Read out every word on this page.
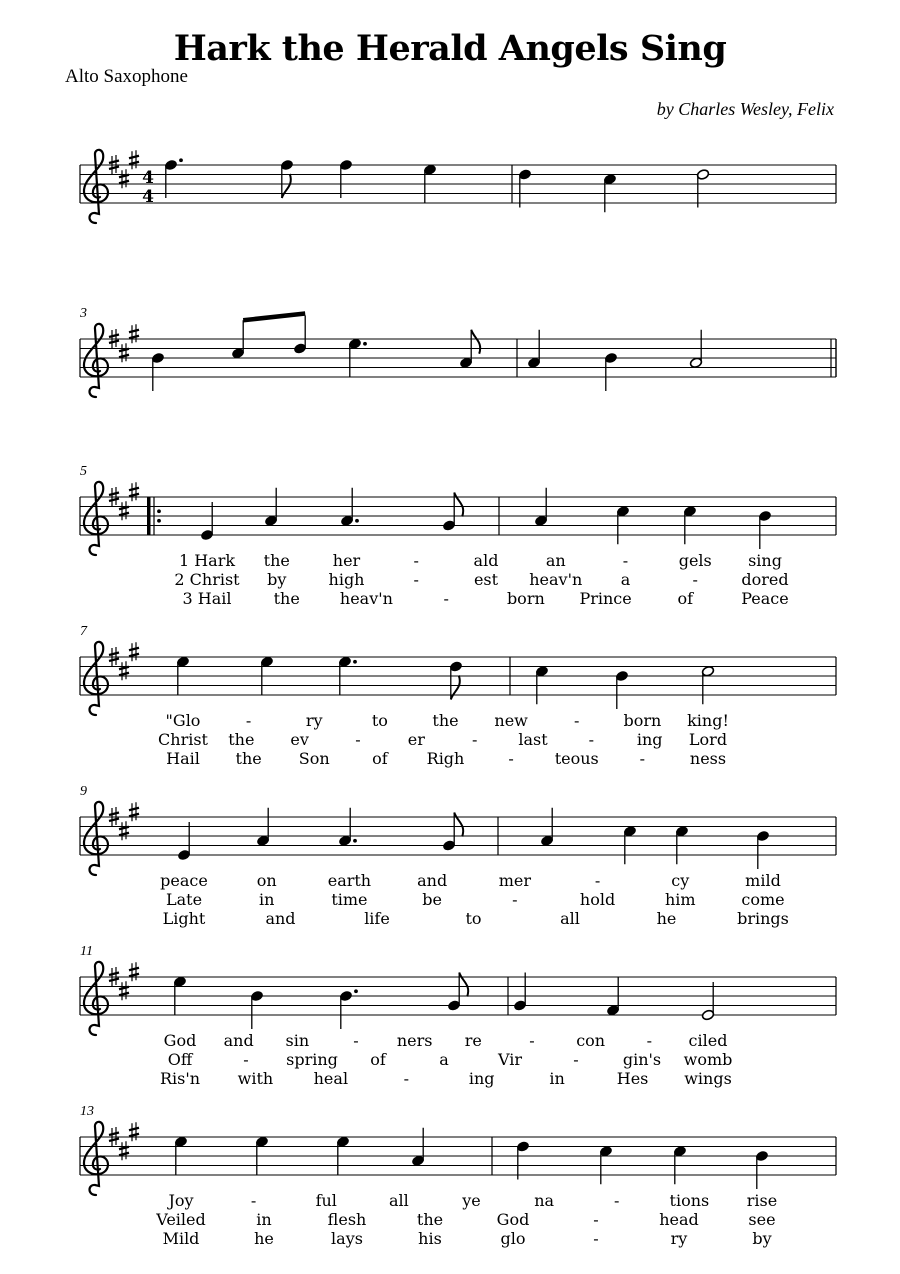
Hark the Herald Angels Sing
Alto Saxophone
by Charles Wesley, Felix
4
4
3
5
1 Hark the	her	-	ald	an	-	gels sing
2 Christ by	high	-	est heav'n a	-	dored
3 Hail	the	heav'n	-	born Prince	of	Peace
7
"Glo	-	ry	to	the new	-	born king!
Christ the ev	-	er	-	last	-	ing Lord
Hail the Son	of Righ	-	teous	-	ness
9
peace	on	earth	and	mer	-	cy	mild
Late	in	time	be	-	hold	him	come
Light	and	life	to	all	he	brings
11
God and sin	- ners re	-	con	- ciled
Off	- spring of	a	Vir	-	gin's womb
Ris'n with	heal	-	ing	in	Hes wings
13
Joy	-	ful	all	ye	na	-	tions rise
Veiled	in	flesh	the	God	-	head	see
Mild	he	lays	his	glo	-	ry	by
